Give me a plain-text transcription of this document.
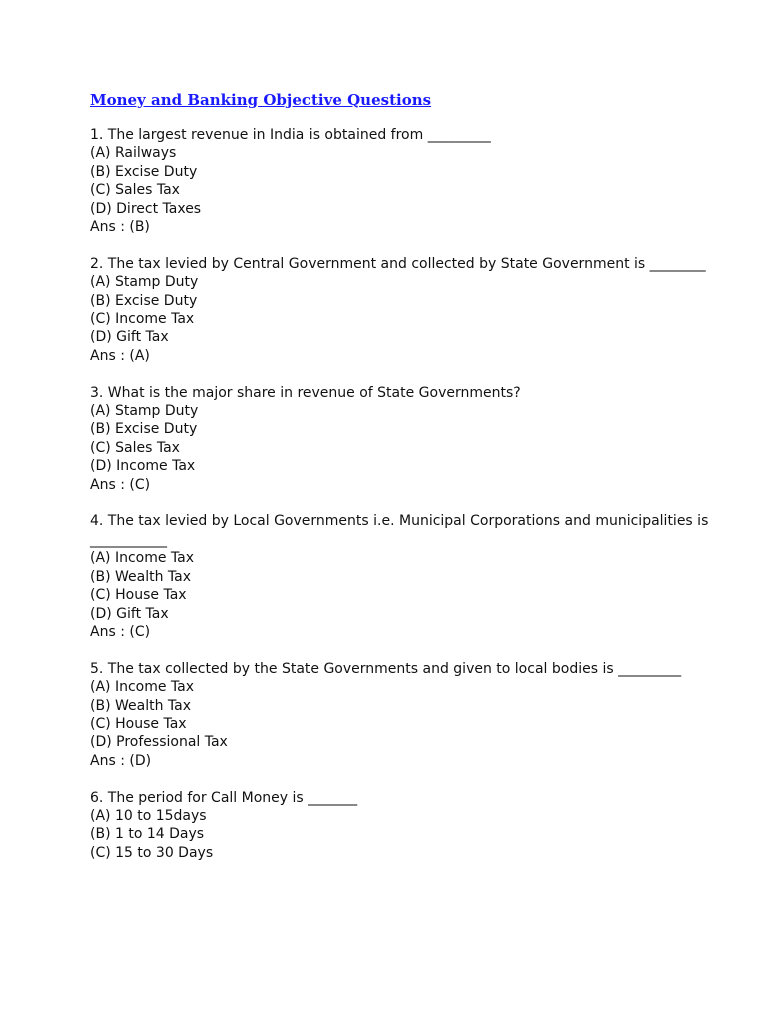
Money and Banking Objective Questions
1. The largest revenue in India is obtained from _________
(A) Railways
(B) Excise Duty
(C) Sales Tax
(D) Direct Taxes
Ans : (B)
2. The tax levied by Central Government and collected by State Government is ________
(A) Stamp Duty
(B) Excise Duty
(C) Income Tax
(D) Gift Tax
Ans : (A)
3. What is the major share in revenue of State Governments?
(A) Stamp Duty
(B) Excise Duty
(C) Sales Tax
(D) Income Tax
Ans : (C)
4. The tax levied by Local Governments i.e. Municipal Corporations and municipalities is ___________
(A) Income Tax
(B) Wealth Tax
(C) House Tax
(D) Gift Tax
Ans : (C)
5. The tax collected by the State Governments and given to local bodies is _________
(A) Income Tax
(B) Wealth Tax
(C) House Tax
(D) Professional Tax
Ans : (D)
6. The period for Call Money is _______
(A) 10 to 15days
(B) 1 to 14 Days
(C) 15 to 30 Days
